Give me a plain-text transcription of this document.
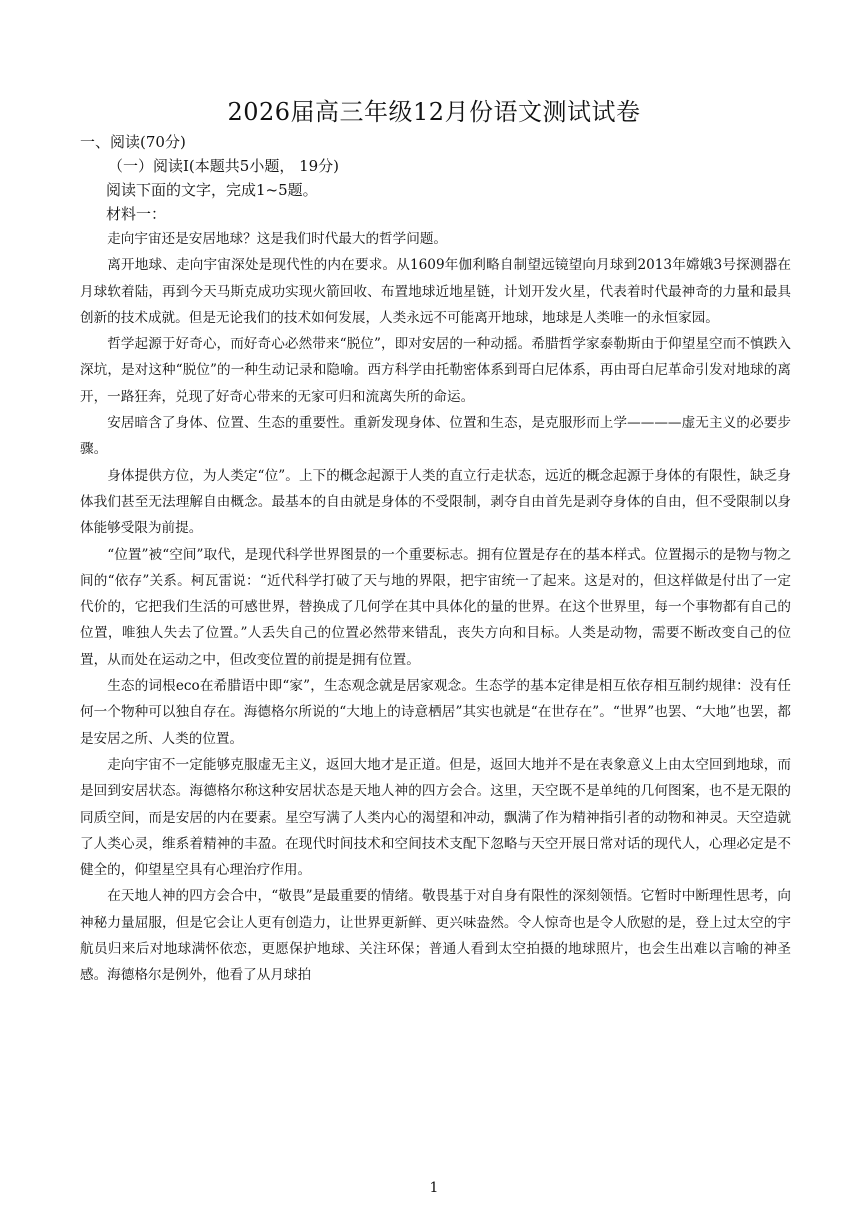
2026届高三年级12月份语文测试试卷
一、阅读(70分)
（一）阅读I(本题共5小题， 19分)
阅读下面的文字，完成1~5题。
材料一：

走向宇宙还是安居地球？这是我们时代最大的哲学问题。

离开地球、走向宇宙深处是现代性的内在要求。从1609年伽利略自制望远镜望向月球到2013年嫦娥3号探测器在月球软着陆，再到今天马斯克成功实现火箭回收、布置地球近地星链，计划开发火星，代表着时代最神奇的力量和最具创新的技术成就。但是无论我们的技术如何发展，人类永远不可能离开地球，地球是人类唯一的永恒家园。

哲学起源于好奇心，而好奇心必然带来“脱位”，即对安居的一种动摇。希腊哲学家泰勒斯由于仰望星空而不慎跌入深坑，是对这种“脱位”的一种生动记录和隐喻。西方科学由托勒密体系到哥白尼体系，再由哥白尼革命引发对地球的离开，一路狂奔，兑现了好奇心带来的无家可归和流离失所的命运。

安居暗含了身体、位置、生态的重要性。重新发现身体、位置和生态，是克服形而上学————虚无主义的必要步骤。

身体提供方位，为人类定“位”。上下的概念起源于人类的直立行走状态，远近的概念起源于身体的有限性，缺乏身体我们甚至无法理解自由概念。最基本的自由就是身体的不受限制，剥夺自由首先是剥夺身体的自由，但不受限制以身体能够受限为前提。

“位置”被“空间”取代，是现代科学世界图景的一个重要标志。拥有位置是存在的基本样式。位置揭示的是物与物之间的“依存”关系。柯瓦雷说：“近代科学打破了天与地的界限，把宇宙统一了起来。这是对的，但这样做是付出了一定代价的，它把我们生活的可感世界，替换成了几何学在其中具体化的量的世界。在这个世界里，每一个事物都有自己的位置，唯独人失去了位置。”人丢失自己的位置必然带来错乱，丧失方向和目标。人类是动物，需要不断改变自己的位置，从而处在运动之中，但改变位置的前提是拥有位置。

生态的词根eco在希腊语中即“家”，生态观念就是居家观念。生态学的基本定律是相互依存相互制约规律：没有任何一个物种可以独自存在。海德格尔所说的“大地上的诗意栖居”其实也就是“在世存在”。“世界”也罢、“大地”也罢，都是安居之所、人类的位置。

走向宇宙不一定能够克服虚无主义，返回大地才是正道。但是，返回大地并不是在表象意义上由太空回到地球，而是回到安居状态。海德格尔称这种安居状态是天地人神的四方会合。这里，天空既不是单纯的几何图案，也不是无限的同质空间，而是安居的内在要素。星空写满了人类内心的渴望和冲动，飘满了作为精神指引者的动物和神灵。天空造就了人类心灵，维系着精神的丰盈。在现代时间技术和空间技术支配下忽略与天空开展日常对话的现代人，心理必定是不健全的，仰望星空具有心理治疗作用。

在天地人神的四方会合中，“敬畏”是最重要的情绪。敬畏基于对自身有限性的深刻领悟。它暂时中断理性思考，向神秘力量屈服，但是它会让人更有创造力，让世界更新鲜、更兴味盎然。令人惊奇也是令人欣慰的是，登上过太空的宇航员归来后对地球满怀依恋，更愿保护地球、关注环保；普通人看到太空拍摄的地球照片，也会生出难以言喻的神圣感。海德格尔是例外，他看了从月球拍

1
